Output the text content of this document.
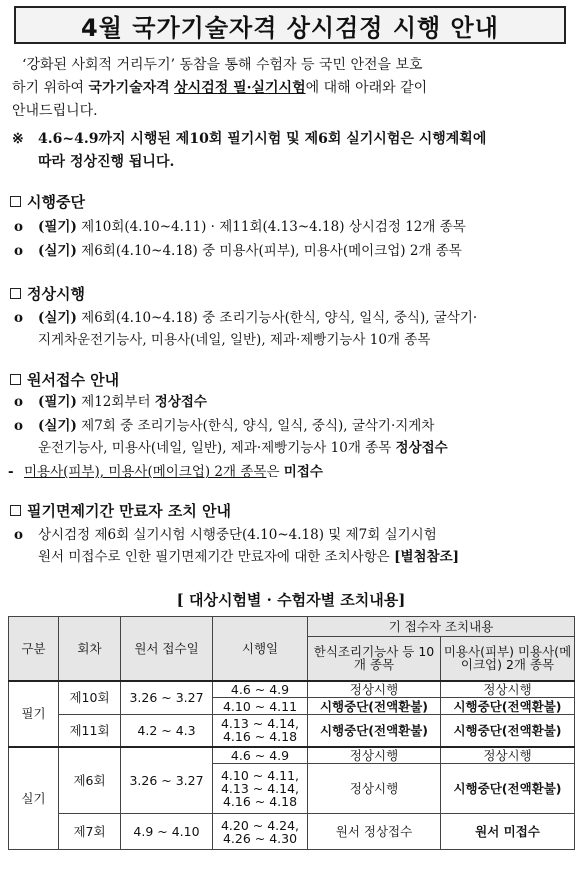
4월 국가기술자격 상시검정 시행 안내
‘강화된 사회적 거리두기’ 동참을 통해 수험자 등 국민 안전을 보호
하기 위하여 국가기술자격 상시검정 필·실기시험에 대해 아래와 같이
안내드립니다.
※	4.6~4.9까지 시행된 제10회 필기시험 및 제6회 실기시험은 시행계획에
따라 정상진행 됩니다.
시행중단
ο	(필기) 제10회(4.10~4.11) · 제11회(4.13~4.18) 상시검정 12개 종목
ο	(실기) 제6회(4.10~4.18) 중 미용사(피부), 미용사(메이크업) 2개 종목
정상시행
ο	(실기) 제6회(4.10~4.18) 중 조리기능사(한식, 양식, 일식, 중식), 굴삭기·
지게차운전기능사, 미용사(네일, 일반), 제과·제빵기능사 10개 종목
원서접수 안내
ο	(필기) 제12회부터 정상접수
ο	(실기) 제7회 중 조리기능사(한식, 양식, 일식, 중식), 굴삭기·지게차
운전기능사, 미용사(네일, 일반), 제과·제빵기능사 10개 종목 정상접수
- 미용사(피부), 미용사(메이크업) 2개 종목은 미접수
필기면제기간 만료자 조치 안내
ο	상시검정 제6회 실기시험 시행중단(4.10~4.18) 및 제7회 실기시험
원서 미접수로 인한 필기면제기간 만료자에 대한 조치사항은 [별첨참조]
[ 대상시험별 · 수험자별 조치내용]
구분	회차	원서 접수일	시행일	기 접수자 조치내용	
				한식조리기능사 등 10개 종목	미용사(피부) 미용사(메이크업) 2개 종목
필기	제10회	3.26 ~ 3.27	4.6 ~ 4.9	정상시행	정상시행
			4.10 ~ 4.11	시행중단(전액환불)	시행중단(전액환불)
	제11회	4.2 ~ 4.3	4.13 ~ 4.14, 4.16 ~ 4.18	시행중단(전액환불)	시행중단(전액환불)
실기	제6회	3.26 ~ 3.27	4.6 ~ 4.9	정상시행	정상시행
			4.10 ~ 4.11, 4.13 ~ 4.14, 4.16 ~ 4.18	정상시행	시행중단(전액환불)
	제7회	4.9 ~ 4.10	4.20 ~ 4.24, 4.26 ~ 4.30	원서 정상접수	원서 미접수
